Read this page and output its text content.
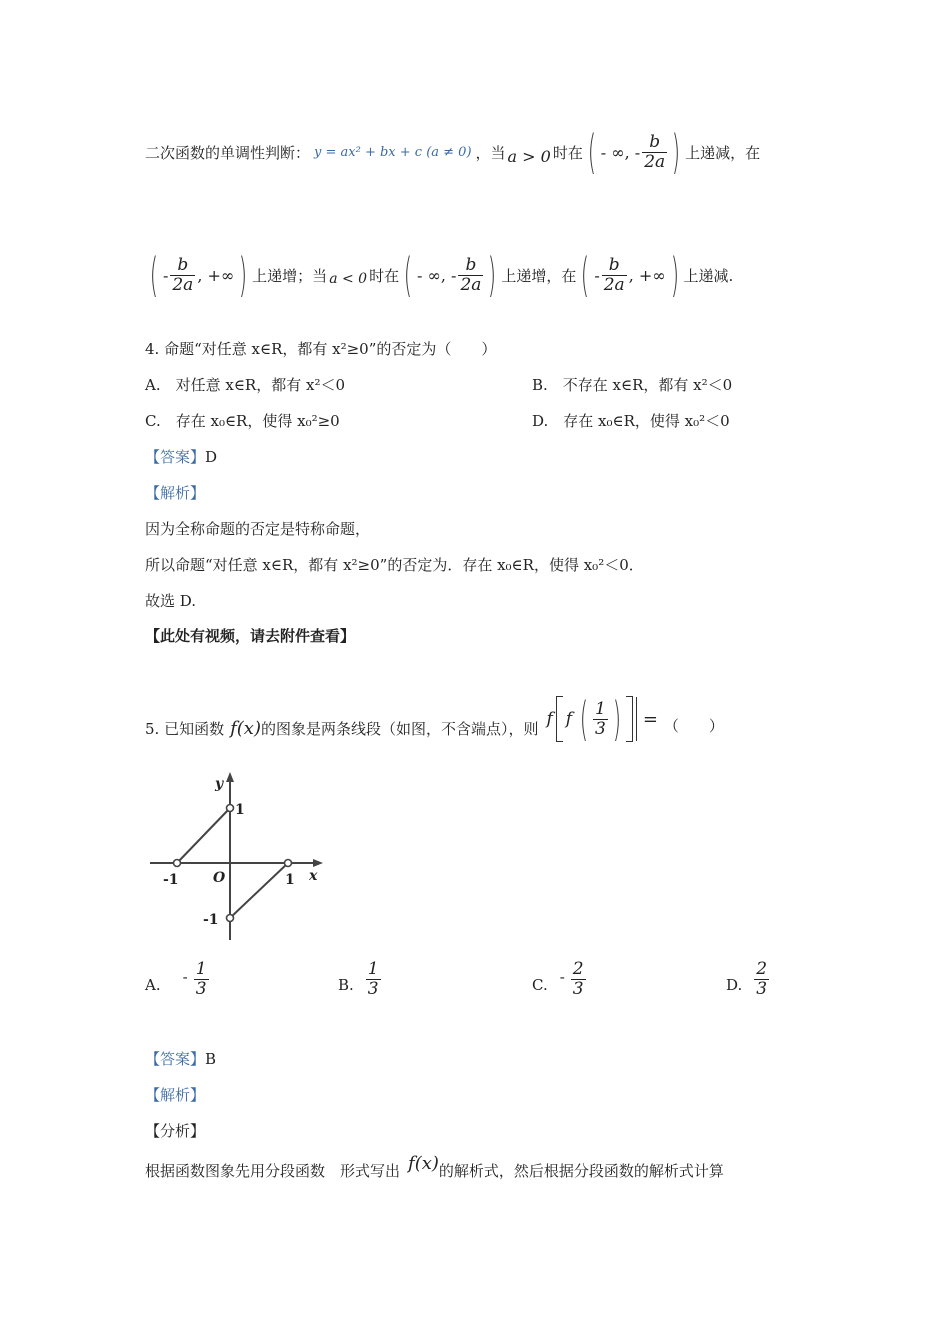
二次函数的单调性判断： y = ax² + bx + c (a ≠ 0) ，当 a > 0 时在 ( - ∞, - $\frac{b}{2a}$ ) 上递减，在
( - $\frac{b}{2a}$ , +∞ ) 上递增；当 a < 0 时在 ( - ∞, - $\frac{b}{2a}$ ) 上递增，在 ( - $\frac{b}{2a}$ , +∞ ) 上递减.
4. 命题“对任意 x∈R，都有 x²≥0”的否定为（　　）
A.　对任意 x∈R，都有 x²＜0	B.　不存在 x∈R，都有 x²＜0
C.　存在 x₀∈R，使得 x₀²≥0	D.　存在 x₀∈R，使得 x₀²＜0
【答案】D
【解析】
因为全称命题的否定是特称命题，
所以命题“对任意 x∈R，都有 x²≥0”的否定为．存在 x₀∈R，使得 x₀²＜0．
故选 D.
【此处有视频，请去附件查看】
5. 已知函数 f (x) 的图象是两条线段（如图，不含端点），则 f f ( $\frac{1}{3}$ ) = （　　）
y
x
O
-1	1
1
-1
A. - $\frac{1}{3}$	B. $\frac{1}{3}$	C. - $\frac{2}{3}$	D. $\frac{2}{3}$
【答案】B
【解析】
【分析】
根据函数图象先用分段函数　形式写出 f (x) 的解析式，然后根据分段函数的解析式计算
